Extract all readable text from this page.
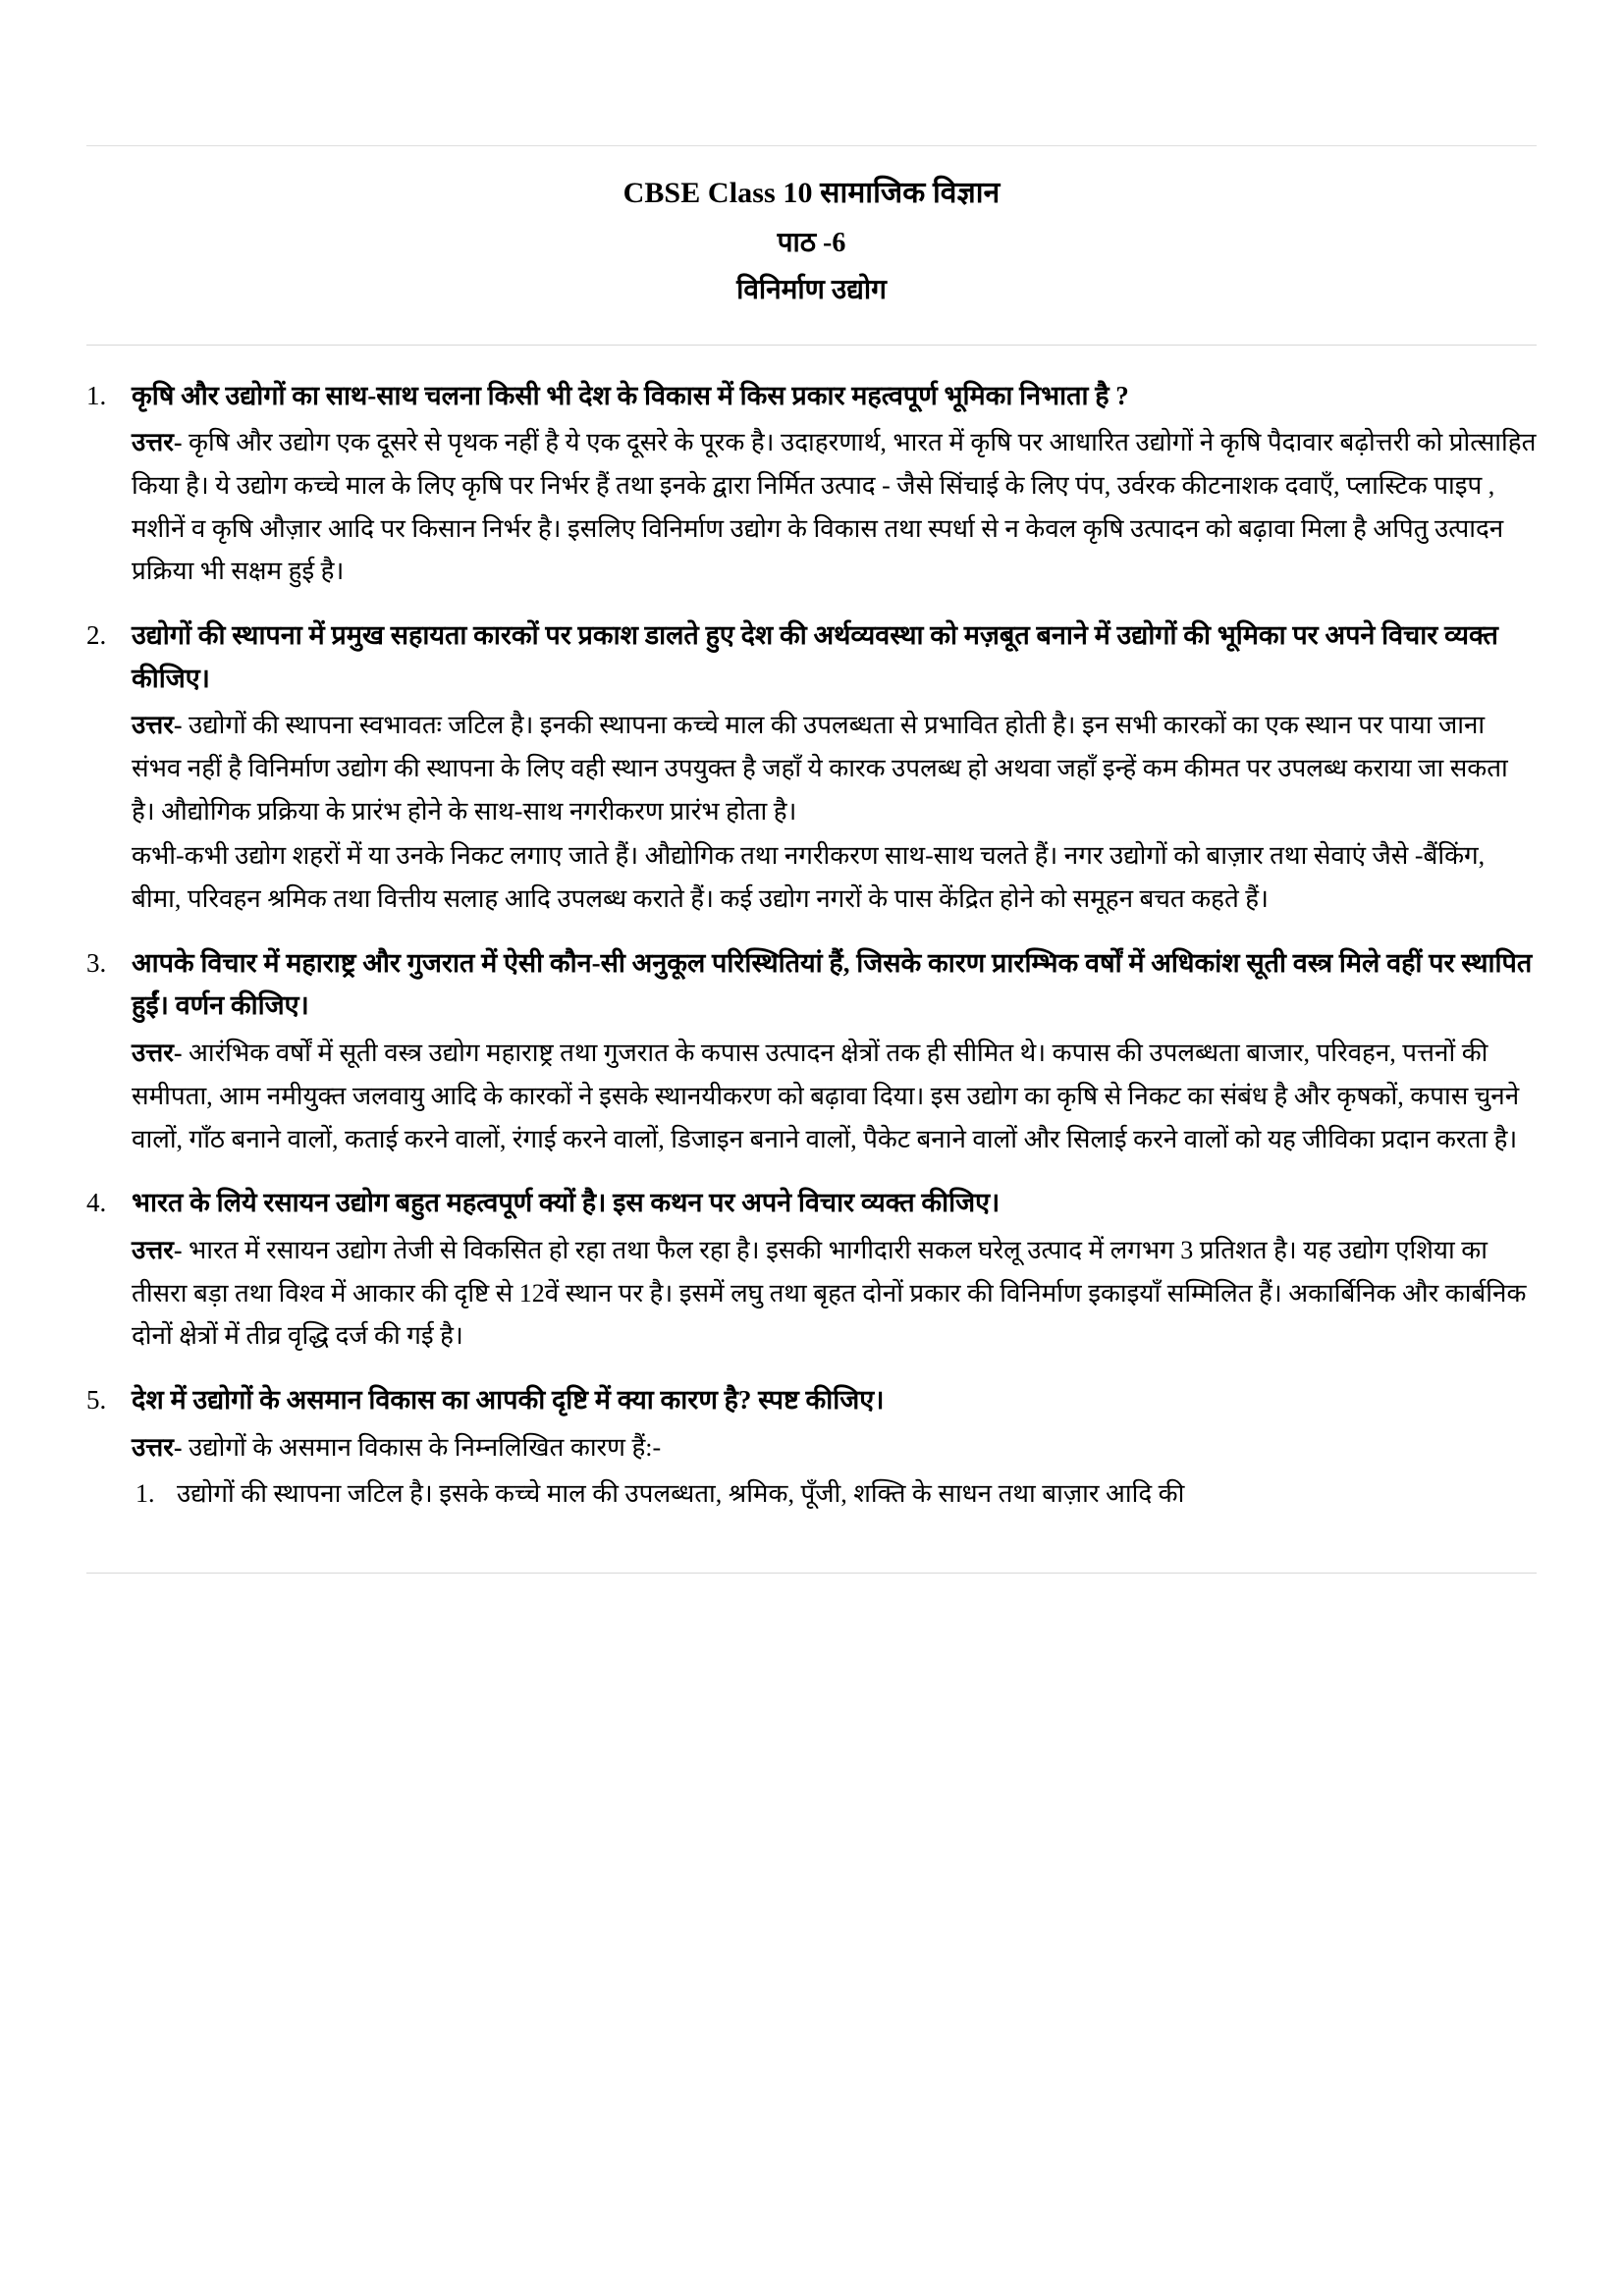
CBSE Class 10 सामाजिक विज्ञान
पाठ -6
विनिर्माण उद्योग
1. कृषि और उद्योगों का साथ-साथ चलना किसी भी देश के विकास में किस प्रकार महत्वपूर्ण भूमिका निभाता है ?

उत्तर- कृषि और उद्योग एक दूसरे से पृथक नहीं है ये एक दूसरे के पूरक है। उदाहरणार्थ, भारत में कृषि पर आधारित उद्योगों ने कृषि पैदावार बढ़ोत्तरी को प्रोत्साहित किया है। ये उद्योग कच्चे माल के लिए कृषि पर निर्भर हैं तथा इनके द्वारा निर्मित उत्पाद - जैसे सिंचाई के लिए पंप, उर्वरक कीटनाशक दवाएँ, प्लास्टिक पाइप , मशीनें व कृषि औज़ार आदि पर किसान निर्भर है। इसलिए विनिर्माण उद्योग के विकास तथा स्पर्धा से न केवल कृषि उत्पादन को बढ़ावा मिला है अपितु उत्पादन प्रक्रिया भी सक्षम हुई है।

2. उद्योगों की स्थापना में प्रमुख सहायता कारकों पर प्रकाश डालते हुए देश की अर्थव्यवस्था को मज़बूत बनाने में उद्योगों की भूमिका पर अपने विचार व्यक्त कीजिए।

उत्तर- उद्योगों की स्थापना स्वभावतः जटिल है। इनकी स्थापना कच्चे माल की उपलब्धता से प्रभावित होती है। इन सभी कारकों का एक स्थान पर पाया जाना संभव नहीं है विनिर्माण उद्योग की स्थापना के लिए वही स्थान उपयुक्त है जहाँ ये कारक उपलब्ध हो अथवा जहाँ इन्हें कम कीमत पर उपलब्ध कराया जा सकता है। औद्योगिक प्रक्रिया के प्रारंभ होने के साथ-साथ नगरीकरण प्रारंभ होता है।

कभी-कभी उद्योग शहरों में या उनके निकट लगाए जाते हैं। औद्योगिक तथा नगरीकरण साथ-साथ चलते हैं। नगर उद्योगों को बाज़ार तथा सेवाएं जैसे -बैंकिंग, बीमा, परिवहन श्रमिक तथा वित्तीय सलाह आदि उपलब्ध कराते हैं। कई उद्योग नगरों के पास केंद्रित होने को समूहन बचत कहते हैं।

3. आपके विचार में महाराष्ट्र और गुजरात में ऐसी कौन-सी अनुकूल परिस्थितियां हैं, जिसके कारण प्रारम्भिक वर्षों में अधिकांश सूती वस्त्र मिले वहीं पर स्थापित हुईं। वर्णन कीजिए।

उत्तर- आरंभिक वर्षों में सूती वस्त्र उद्योग महाराष्ट्र तथा गुजरात के कपास उत्पादन क्षेत्रों तक ही सीमित थे। कपास की उपलब्धता बाजार, परिवहन, पत्तनों की समीपता, आम नमीयुक्त जलवायु आदि के कारकों ने इसके स्थानयीकरण को बढ़ावा दिया। इस उद्योग का कृषि से निकट का संबंध है और कृषकों, कपास चुनने वालों, गाँठ बनाने वालों, कताई करने वालों, रंगाई करने वालों, डिजाइन बनाने वालों, पैकेट बनाने वालों और सिलाई करने वालों को यह जीविका प्रदान करता है।

4. भारत के लिये रसायन उद्योग बहुत महत्वपूर्ण क्यों है। इस कथन पर अपने विचार व्यक्त कीजिए।

उत्तर- भारत में रसायन उद्योग तेजी से विकसित हो रहा तथा फैल रहा है। इसकी भागीदारी सकल घरेलू उत्पाद में लगभग 3 प्रतिशत है। यह उद्योग एशिया का तीसरा बड़ा तथा विश्व में आकार की दृष्टि से 12वें स्थान पर है। इसमें लघु तथा बृहत दोनों प्रकार की विनिर्माण इकाइयाँ सम्मिलित हैं। अकार्बिनिक और कार्बनिक दोनों क्षेत्रों में तीव्र वृद्धि दर्ज की गई है।

5. देश में उद्योगों के असमान विकास का आपकी दृष्टि में क्या कारण है? स्पष्ट कीजिए।

उत्तर- उद्योगों के असमान विकास के निम्नलिखित कारण हैं:-

1. उद्योगों की स्थापना जटिल है। इसके कच्चे माल की उपलब्धता, श्रमिक, पूँजी, शक्ति के साधन तथा बाज़ार आदि की
